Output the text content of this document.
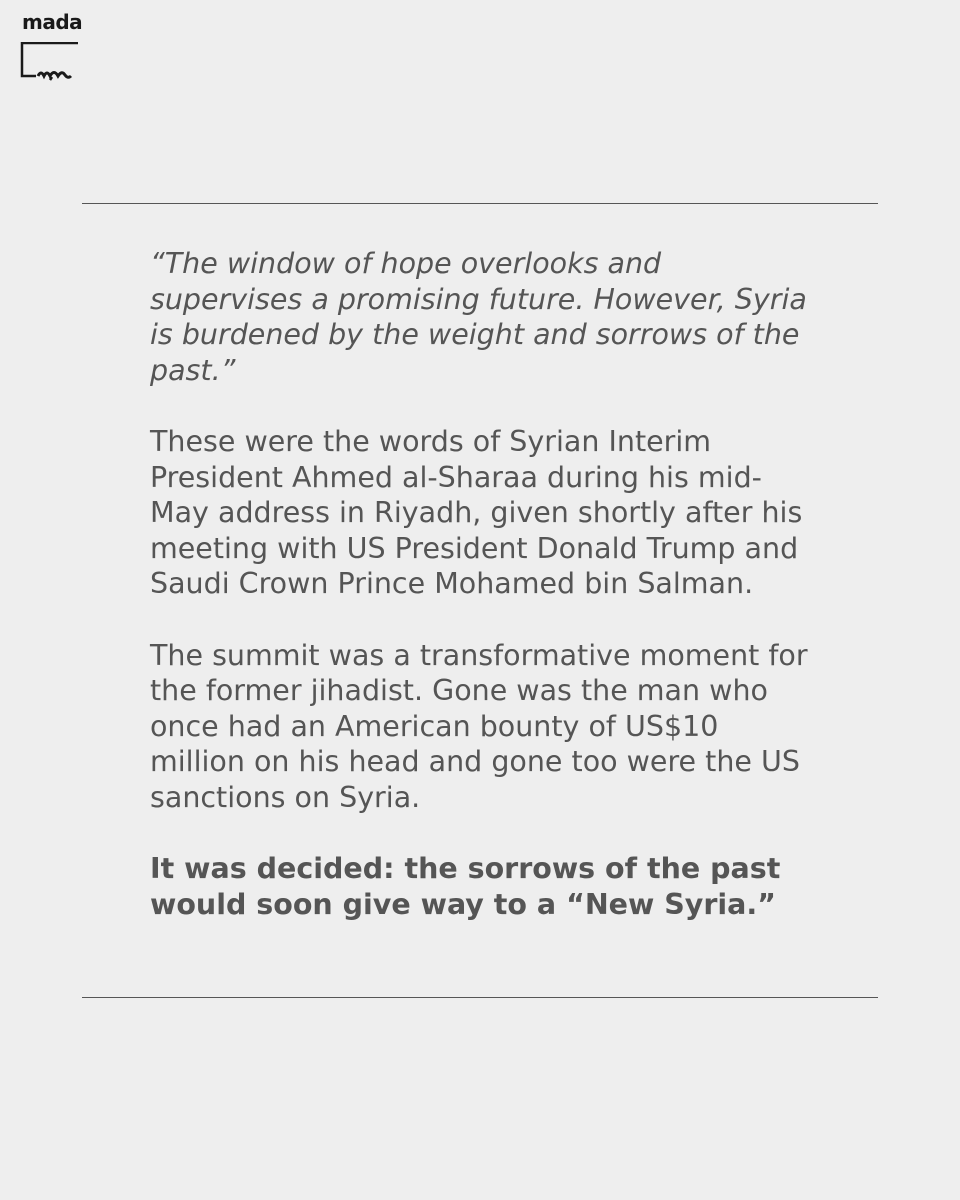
mada

“The window of hope overlooks and supervises a promising future. However, Syria is burdened by the weight and sorrows of the past.”

These were the words of Syrian Interim President Ahmed al-Sharaa during his mid-May address in Riyadh, given shortly after his meeting with US President Donald Trump and Saudi Crown Prince Mohamed bin Salman.

The summit was a transformative moment for the former jihadist. Gone was the man who once had an American bounty of US$10 million on his head and gone too were the US sanctions on Syria.

It was decided: the sorrows of the past would soon give way to a “New Syria.”
